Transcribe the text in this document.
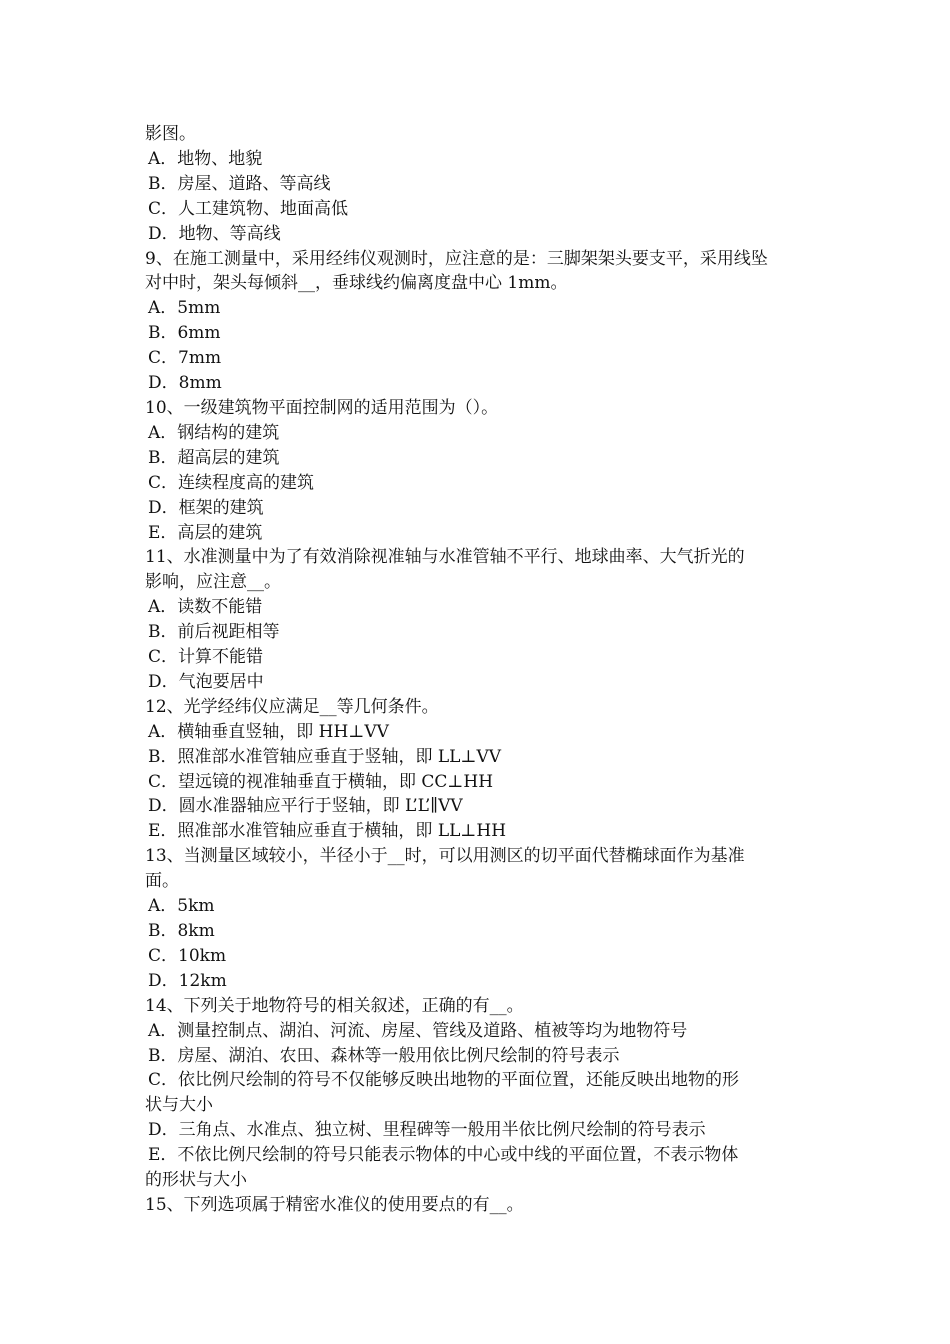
影图。
A．地物、地貌
B．房屋、道路、等高线
C．人工建筑物、地面高低
D．地物、等高线
9、在施工测量中，采用经纬仪观测时，应注意的是：三脚架架头要支平，采用线坠
对中时，架头每倾斜__，垂球线约偏离度盘中心 1mm。
A．5mm
B．6mm
C．7mm
D．8mm
10、一级建筑物平面控制网的适用范围为（）。
A．钢结构的建筑
B．超高层的建筑
C．连续程度高的建筑
D．框架的建筑
E．高层的建筑
11、水准测量中为了有效消除视准轴与水准管轴不平行、地球曲率、大气折光的
影响，应注意__。
A．读数不能错
B．前后视距相等
C．计算不能错
D．气泡要居中
12、光学经纬仪应满足__等几何条件。
A．横轴垂直竖轴，即 HH⊥VV
B．照准部水准管轴应垂直于竖轴，即 LL⊥VV
C．望远镜的视准轴垂直于横轴，即 CC⊥HH
D．圆水准器轴应平行于竖轴，即 L’L’∥VV
E．照准部水准管轴应垂直于横轴，即 LL⊥HH
13、当测量区域较小，半径小于__时，可以用测区的切平面代替椭球面作为基准
面。
A．5km
B．8km
C．10km
D．12km
14、下列关于地物符号的相关叙述，正确的有__。
A．测量控制点、湖泊、河流、房屋、管线及道路、植被等均为地物符号
B．房屋、湖泊、农田、森林等一般用依比例尺绘制的符号表示
C．依比例尺绘制的符号不仅能够反映出地物的平面位置，还能反映出地物的形
状与大小
D．三角点、水准点、独立树、里程碑等一般用半依比例尺绘制的符号表示
E．不依比例尺绘制的符号只能表示物体的中心或中线的平面位置，不表示物体
的形状与大小
15、下列选项属于精密水准仪的使用要点的有__。
